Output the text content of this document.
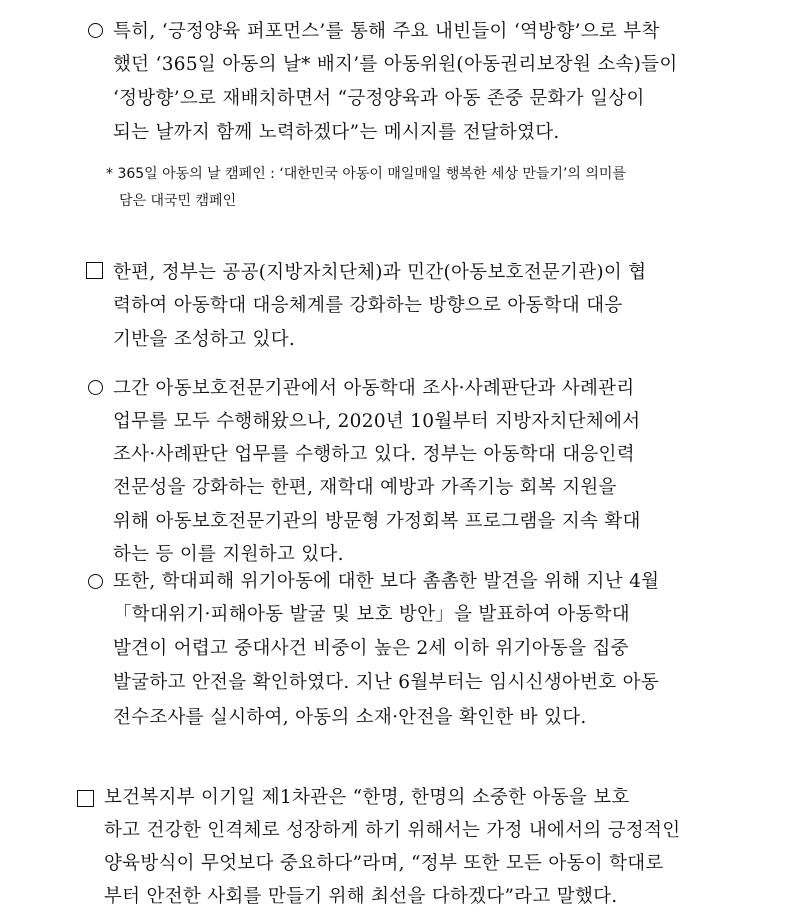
특히, ‘긍정양육 퍼포먼스’를 통해 주요 내빈들이 ‘역방향’으로 부착
했던 ‘365일 아동의 날* 배지’를 아동위원(아동권리보장원 소속)들이
‘정방향’으로 재배치하면서 “긍정양육과 아동 존중 문화가 일상이
되는 날까지 함께 노력하겠다”는 메시지를 전달하였다.
* 365일 아동의 날 캠페인 : ‘대한민국 아동이 매일매일 행복한 세상 만들기’의 의미를
담은 대국민 캠페인
한편, 정부는 공공(지방자치단체)과 민간(아동보호전문기관)이 협
력하여 아동학대 대응체계를 강화하는 방향으로 아동학대 대응
기반을 조성하고 있다.
그간 아동보호전문기관에서 아동학대 조사·사례판단과 사례관리
업무를 모두 수행해왔으나, 2020년 10월부터 지방자치단체에서
조사·사례판단 업무를 수행하고 있다. 정부는 아동학대 대응인력
전문성을 강화하는 한편, 재학대 예방과 가족기능 회복 지원을
위해 아동보호전문기관의 방문형 가정회복 프로그램을 지속 확대
하는 등 이를 지원하고 있다.
또한, 학대피해 위기아동에 대한 보다 촘촘한 발견을 위해 지난 4월
「학대위기·피해아동 발굴 및 보호 방안」을 발표하여 아동학대
발견이 어렵고 중대사건 비중이 높은 2세 이하 위기아동을 집중
발굴하고 안전을 확인하였다. 지난 6월부터는 임시신생아번호 아동
전수조사를 실시하여, 아동의 소재·안전을 확인한 바 있다.
보건복지부 이기일 제1차관은 “한명, 한명의 소중한 아동을 보호
하고 건강한 인격체로 성장하게 하기 위해서는 가정 내에서의 긍정적인
양육방식이 무엇보다 중요하다”라며, “정부 또한 모든 아동이 학대로
부터 안전한 사회를 만들기 위해 최선을 다하겠다”라고 말했다.
